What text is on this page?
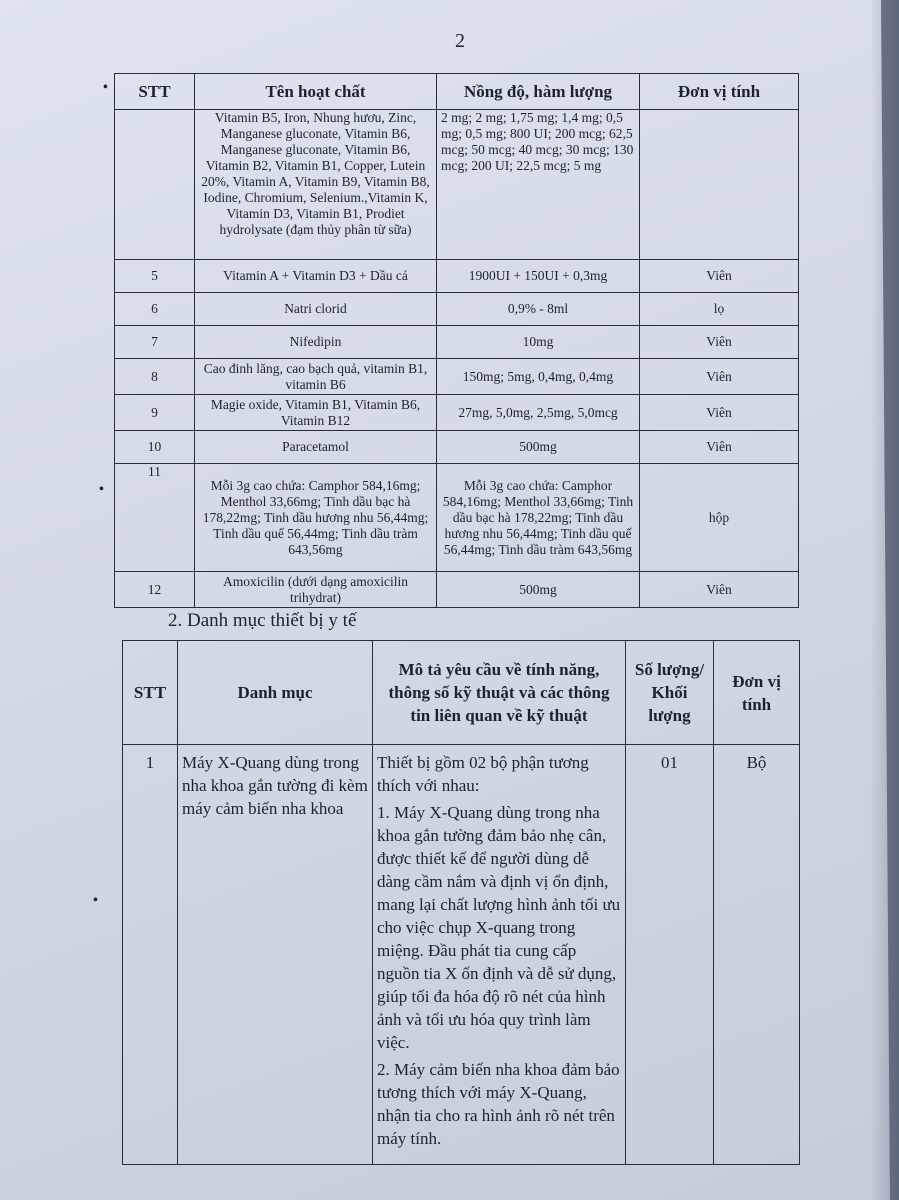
2
•
•
•
STT	Tên hoạt chất	Nồng độ, hàm lượng	Đơn vị tính
	Vitamin B5, Iron, Nhung hươu, Zinc, Manganese gluconate, Vitamin B6, Manganese gluconate, Vitamin B6, Vitamin B2, Vitamin B1, Copper, Lutein 20%, Vitamin A, Vitamin B9, Vitamin B8, Iodine, Chromium, Selenium.,Vitamin K, Vitamin D3, Vitamin B1, Prodiet hydrolysate (đạm thủy phân từ sữa)	2 mg; 2 mg; 1,75 mg; 1,4 mg; 0,5 mg; 0,5 mg; 800 UI; 200 mcg; 62,5 mcg; 50 mcg; 40 mcg; 30 mcg; 130 mcg; 200 UI; 22,5 mcg; 5 mg	
5	Vitamin A + Vitamin D3 + Dầu cá	1900UI + 150UI + 0,3mg	Viên
6	Natri clorid	0,9% - 8ml	lọ
7	Nifedipin	10mg	Viên
8	Cao đinh lăng, cao bạch quả, vitamin B1, vitamin B6	150mg; 5mg, 0,4mg, 0,4mg	Viên
9	Magie oxide, Vitamin B1, Vitamin B6, Vitamin B12	27mg, 5,0mg, 2,5mg, 5,0mcg	Viên
10	Paracetamol	500mg	Viên
11	Mỗi 3g cao chứa: Camphor 584,16mg; Menthol 33,66mg; Tinh dầu bạc hà 178,22mg; Tinh dầu hương nhu 56,44mg; Tinh dầu quế 56,44mg; Tinh dầu tràm 643,56mg	Mỗi 3g cao chứa: Camphor 584,16mg; Menthol 33,66mg; Tinh dầu bạc hà 178,22mg; Tinh dầu hương nhu 56,44mg; Tinh dầu quế 56,44mg; Tinh dầu tràm 643,56mg	hộp
12	Amoxicilin (dưới dạng amoxicilin trihydrat)	500mg	Viên
2. Danh mục thiết bị y tế
STT	Danh mục	Mô tả yêu cầu về tính năng, thông số kỹ thuật và các thông tin liên quan về kỹ thuật	Số lượng/ Khối lượng	Đơn vị tính
1	Máy X-Quang dùng trong nha khoa gắn tường đi kèm máy cảm biến nha khoa	Thiết bị gồm 02 bộ phận tương thích với nhau:

1. Máy X-Quang dùng trong nha khoa gắn tường đảm bảo nhẹ cân, được thiết kế để người dùng dễ dàng cầm nắm và định vị ổn định, mang lại chất lượng hình ảnh tối ưu cho việc chụp X-quang trong miệng. Đầu phát tia cung cấp nguồn tia X ổn định và dễ sử dụng, giúp tối đa hóa độ rõ nét của hình ảnh và tối ưu hóa quy trình làm việc.

2. Máy cảm biến nha khoa đảm bảo tương thích với máy X-Quang, nhận tia cho ra hình ảnh rõ nét trên máy tính.	01	Bộ
